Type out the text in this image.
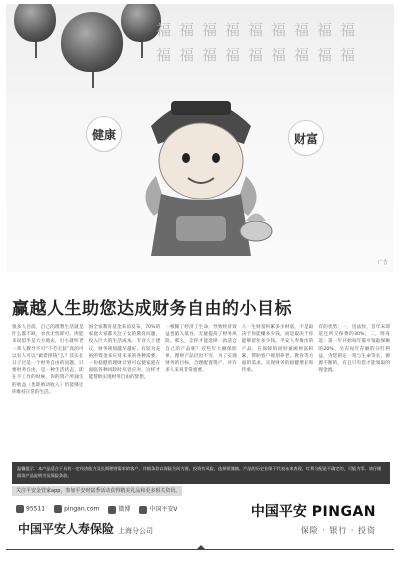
福福福福福福福福福
福福福福福福福福福
健康	财富
广告
赢越人生助您达成财务自由的小目标
很多人目前，自己的理想生活就是什么都不缺，衣食无忧即可。所能来说似乎是大方地去，打小就听老一辈人教导不可“不劳无获”真的可以有人可以“做着挣钱”么？其实在日子过是一个财务自由的问题，只要财务自由，是一种生活状态，即在不工作的时候，你的资产所涌生的收益（也即被动收入）仍能够让你维持正常的生活。
国全家教育基金来前发布，70%的家庭大家都关注子女的教育问题，投入巨大的生活成本。专业人士建议，财务规划越早越好，有较为充裕的资金来应对未来的各种需要，一份稳健的理财计划可以使家庭在面临各种风险时从容应对，这样才能帮助实现财务自由的梦想。
一根稀了经济了生命，导致经济效益也陷入低谷，无疑提高了财务风险。那么，怎样才能选择一款适合自己的产品呢？近些年大额保险单，理财产品层出不穷，为了实现财务的目标，合理配置资产，对许多人来说非常重要。
人一生财富积累多少财富，不是取决于你能赚多少钱，而是取决于你能够留住多少钱。平安人寿推出的产品，在保障的同时兼顾财富积累，帮助客户规划养老，教育等方面的需求，实现财务的稳健增长和传承。
有的优势：一，送法快，首年末即返还所交保费的30%。二，终身返：第一年开始每年都可领取保额的20%，另有每年存额的分红利益，为您锁定一笔与生命等长，源源不断的，有且只有您才能领取的现金流。
温馨提示：本产品适合于具有一定经济能力及长期理财需求的客户，详细条款以保险合同为准。投资有风险，选择须谨慎。产品的历史业绩不代表未来表现，红利分配是不确定的，可能为零。请仔细阅读产品说明书及保险条款。
关注平安金管家app，参加平安财富季活动获得精美礼品和更多相关资讯。
95511	pingan.com	微博	中国平安V
中国平安人寿保险 上海分公司
中国平安 PINGAN
保险 · 银行 · 投资
